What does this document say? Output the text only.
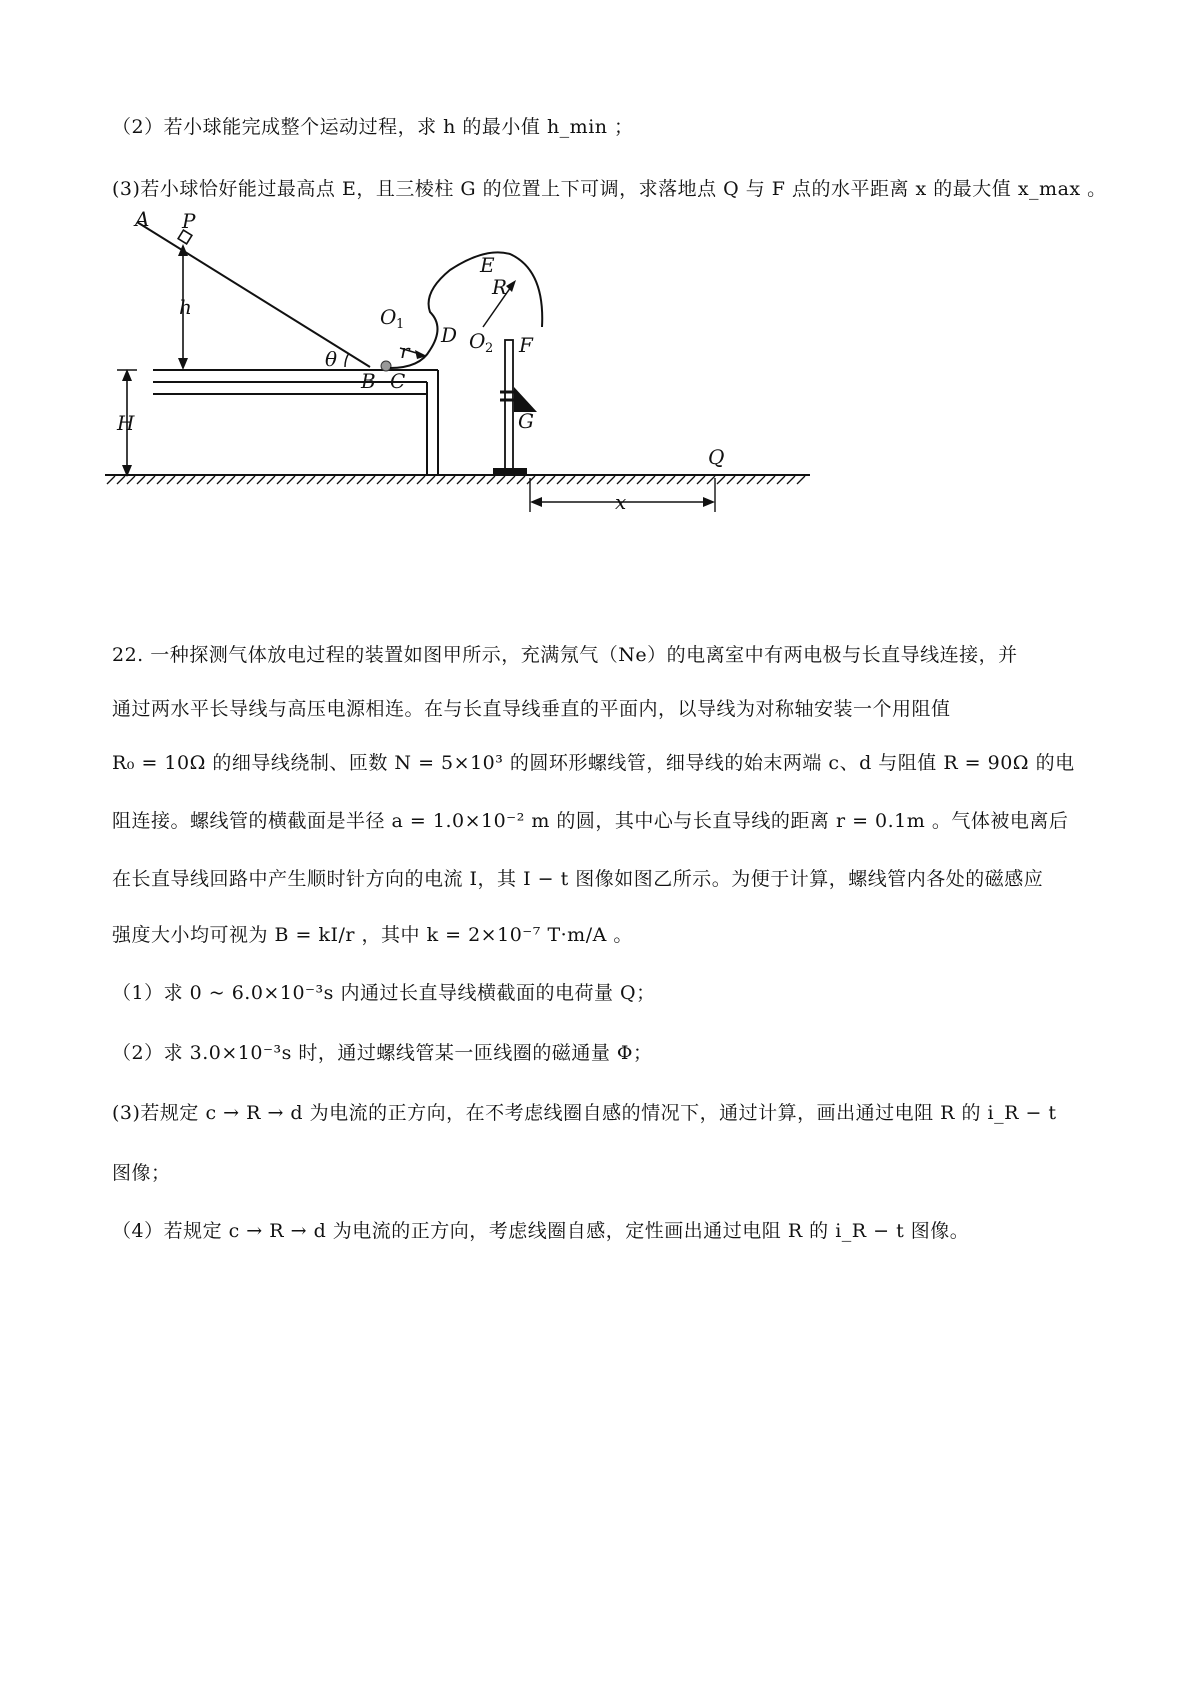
（2）若小球能完成整个运动过程，求 h 的最小值 h_min ；
(3)若小球恰好能过最高点 E，且三棱柱 G 的位置上下可调，求落地点 Q 与 F 点的水平距离 x 的最大值 x_max 。
A P
h
H
θ
B C
O 1
r
D
E
R
O 2 F
G
Q
x
22. 一种探测气体放电过程的装置如图甲所示，充满氖气（Ne）的电离室中有两电极与长直导线连接，并
通过两水平长导线与高压电源相连。在与长直导线垂直的平面内，以导线为对称轴安装一个用阻值
R₀ = 10Ω 的细导线绕制、匝数 N = 5×10³ 的圆环形螺线管，细导线的始末两端 c、d 与阻值 R = 90Ω 的电
阻连接。螺线管的横截面是半径 a = 1.0×10⁻² m 的圆，其中心与长直导线的距离 r = 0.1m 。气体被电离后
在长直导线回路中产生顺时针方向的电流 I，其 I − t 图像如图乙所示。为便于计算，螺线管内各处的磁感应
强度大小均可视为 B = kI/r ，其中 k = 2×10⁻⁷ T·m/A 。
（1）求 0 ~ 6.0×10⁻³s 内通过长直导线横截面的电荷量 Q；
（2）求 3.0×10⁻³s 时，通过螺线管某一匝线圈的磁通量 Φ；
(3)若规定 c → R → d 为电流的正方向，在不考虑线圈自感的情况下，通过计算，画出通过电阻 R 的 i_R − t
图像；
（4）若规定 c → R → d 为电流的正方向，考虑线圈自感，定性画出通过电阻 R 的 i_R − t 图像。
